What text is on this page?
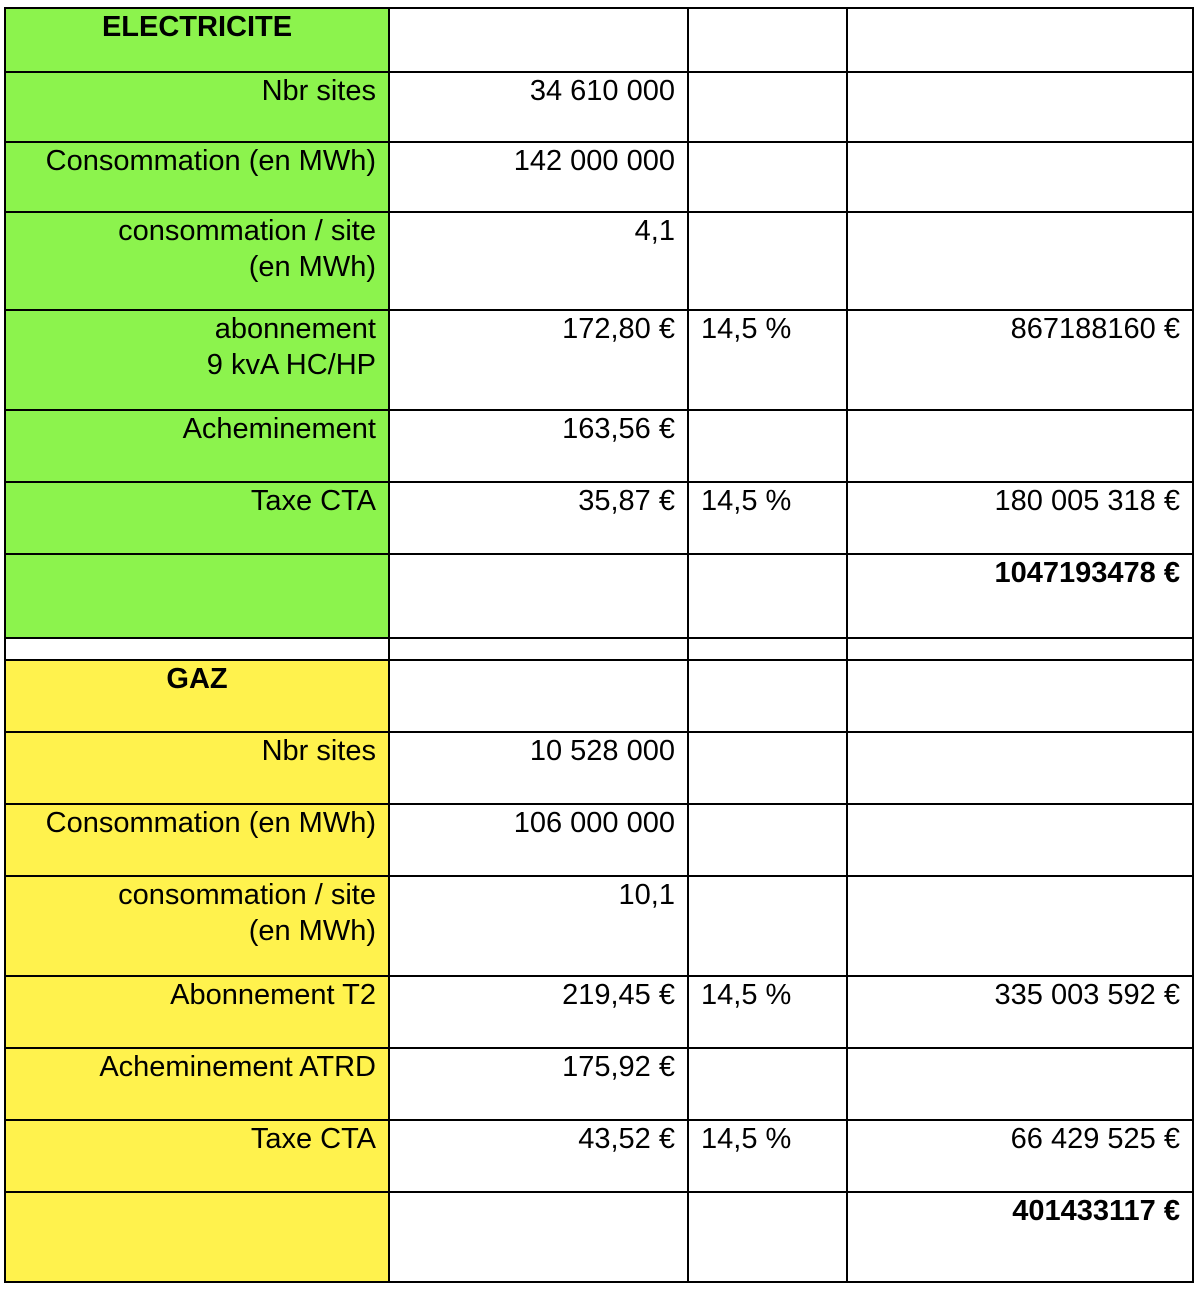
ELECTRICITE			
Nbr sites	34 610 000		
Consommation (en MWh)	142 000 000		
consommation / site
(en MWh)	4,1		
abonnement
9 kvA HC/HP	172,80 €	14,5 %	867188160 €
Acheminement	163,56 €		
Taxe CTA	35,87 €	14,5 %	180 005 318 €
			1047193478 €

GAZ			
Nbr sites	10 528 000		
Consommation (en MWh)	106 000 000		
consommation / site
(en MWh)	10,1		
Abonnement T2	219,45 €	14,5 %	335 003 592 €
Acheminement ATRD	175,92 €		
Taxe CTA	43,52 €	14,5 %	66 429 525 €
			401433117 €
